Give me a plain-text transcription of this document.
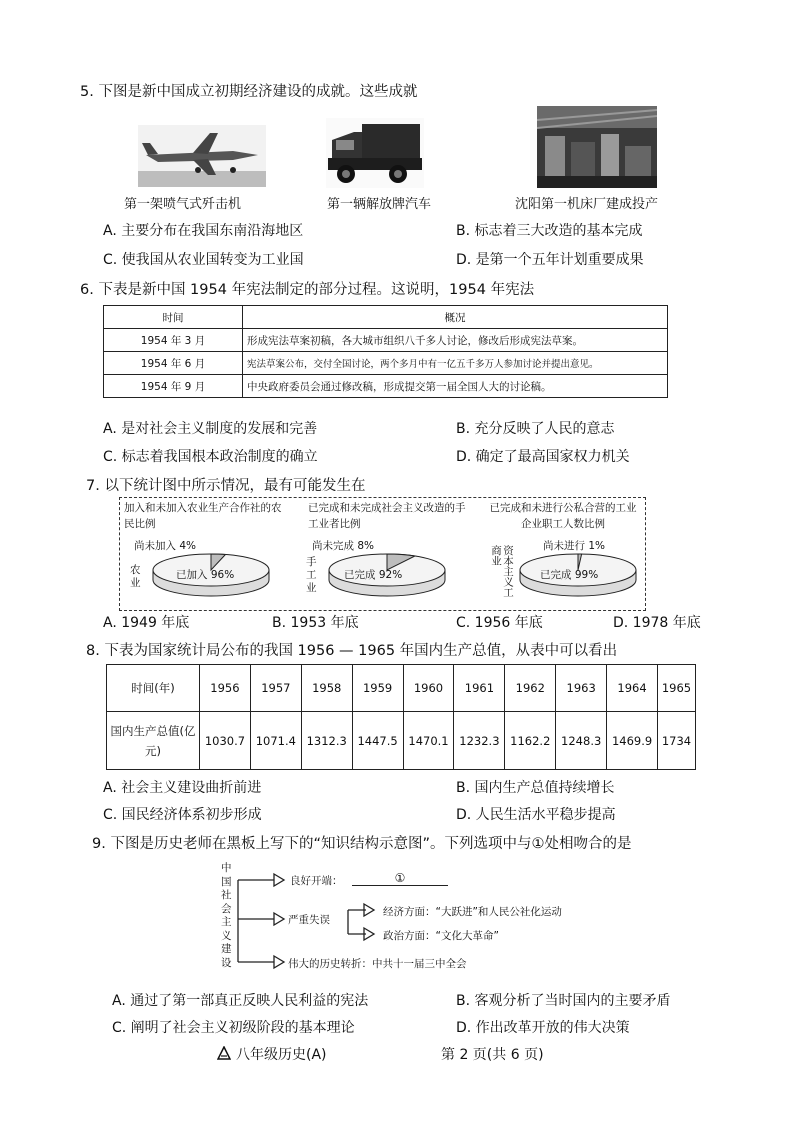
5. 下图是新中国成立初期经济建设的成就。这些成就
第一架喷气式歼击机	第一辆解放牌汽车	沈阳第一机床厂建成投产
A. 主要分布在我国东南沿海地区	B. 标志着三大改造的基本完成
C. 使我国从农业国转变为工业国	D. 是第一个五年计划重要成果
6. 下表是新中国 1954 年宪法制定的部分过程。这说明，1954 年宪法
时间	概况
1954 年 3 月	形成宪法草案初稿，各大城市组织八千多人讨论，修改后形成宪法草案。
1954 年 6 月	宪法草案公布，交付全国讨论，两个多月中有一亿五千多万人参加讨论并提出意见。
1954 年 9 月	中央政府委员会通过修改稿，形成提交第一届全国人大的讨论稿。
A. 是对社会主义制度的发展和完善	B. 充分反映了人民的意志
C. 标志着我国根本政治制度的确立	D. 确定了最高国家权力机关
7. 以下统计图中所示情况，最有可能发生在
加入和未加入农业生产合作社的农民比例
尚未加入 4%
农业
已加入 96%
已完成和未完成社会主义改造的手工业者比例
尚未完成 8%
手工业
已完成 92%
已完成和未进行公私合营的工业企业职工人数比例
尚未进行 1%
资本主义工商业
已完成 99%
A. 1949 年底	B. 1953 年底	C. 1956 年底	D. 1978 年底
8. 下表为国家统计局公布的我国 1956 — 1965 年国内生产总值，从表中可以看出
时间(年)	1956	1957	1958	1959	1960	1961	1962	1963	1964	1965
国内生产总值(亿元)	1030.7	1071.4	1312.3	1447.5	1470.1	1232.3	1162.2	1248.3	1469.9	1734
A. 社会主义建设曲折前进	B. 国内生产总值持续增长
C. 国民经济体系初步形成	D. 人民生活水平稳步提高
9. 下图是历史老师在黑板上写下的“知识结构示意图”。下列选项中与①处相吻合的是
中国社会主义建设
良好开端：	①
严重失误
经济方面：“大跃进”和人民公社化运动
政治方面：“文化大革命”
伟大的历史转折：中共十一届三中全会
A. 通过了第一部真正反映人民利益的宪法	B. 客观分析了当时国内的主要矛盾
C. 阐明了社会主义初级阶段的基本理论	D. 作出改革开放的伟大决策
八年级历史(A)	第 2 页(共 6 页)
